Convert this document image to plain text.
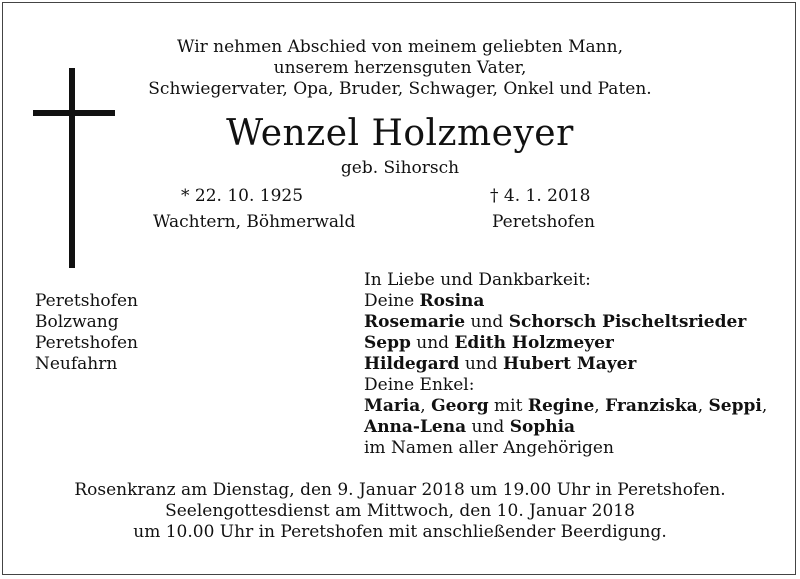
Wir nehmen Abschied von meinem geliebten Mann,
unserem herzensguten Vater,
Schwiegervater, Opa, Bruder, Schwager, Onkel und Paten.
Wenzel Holzmeyer
geb. Sihorsch
* 22. 10. 1925
Wachtern, Böhmerwald
† 4. 1. 2018
Peretshofen
Peretshofen
Bolzwang
Peretshofen
Neufahrn
In Liebe und Dankbarkeit:
Deine Rosina
Rosemarie und Schorsch Pischeltsrieder
Sepp und Edith Holzmeyer
Hildegard und Hubert Mayer
Deine Enkel:
Maria, Georg mit Regine, Franziska, Seppi,
Anna-Lena und Sophia
im Namen aller Angehörigen
Rosenkranz am Dienstag, den 9. Januar 2018 um 19.00 Uhr in Peretshofen.
Seelengottesdienst am Mittwoch, den 10. Januar 2018
um 10.00 Uhr in Peretshofen mit anschließender Beerdigung.
